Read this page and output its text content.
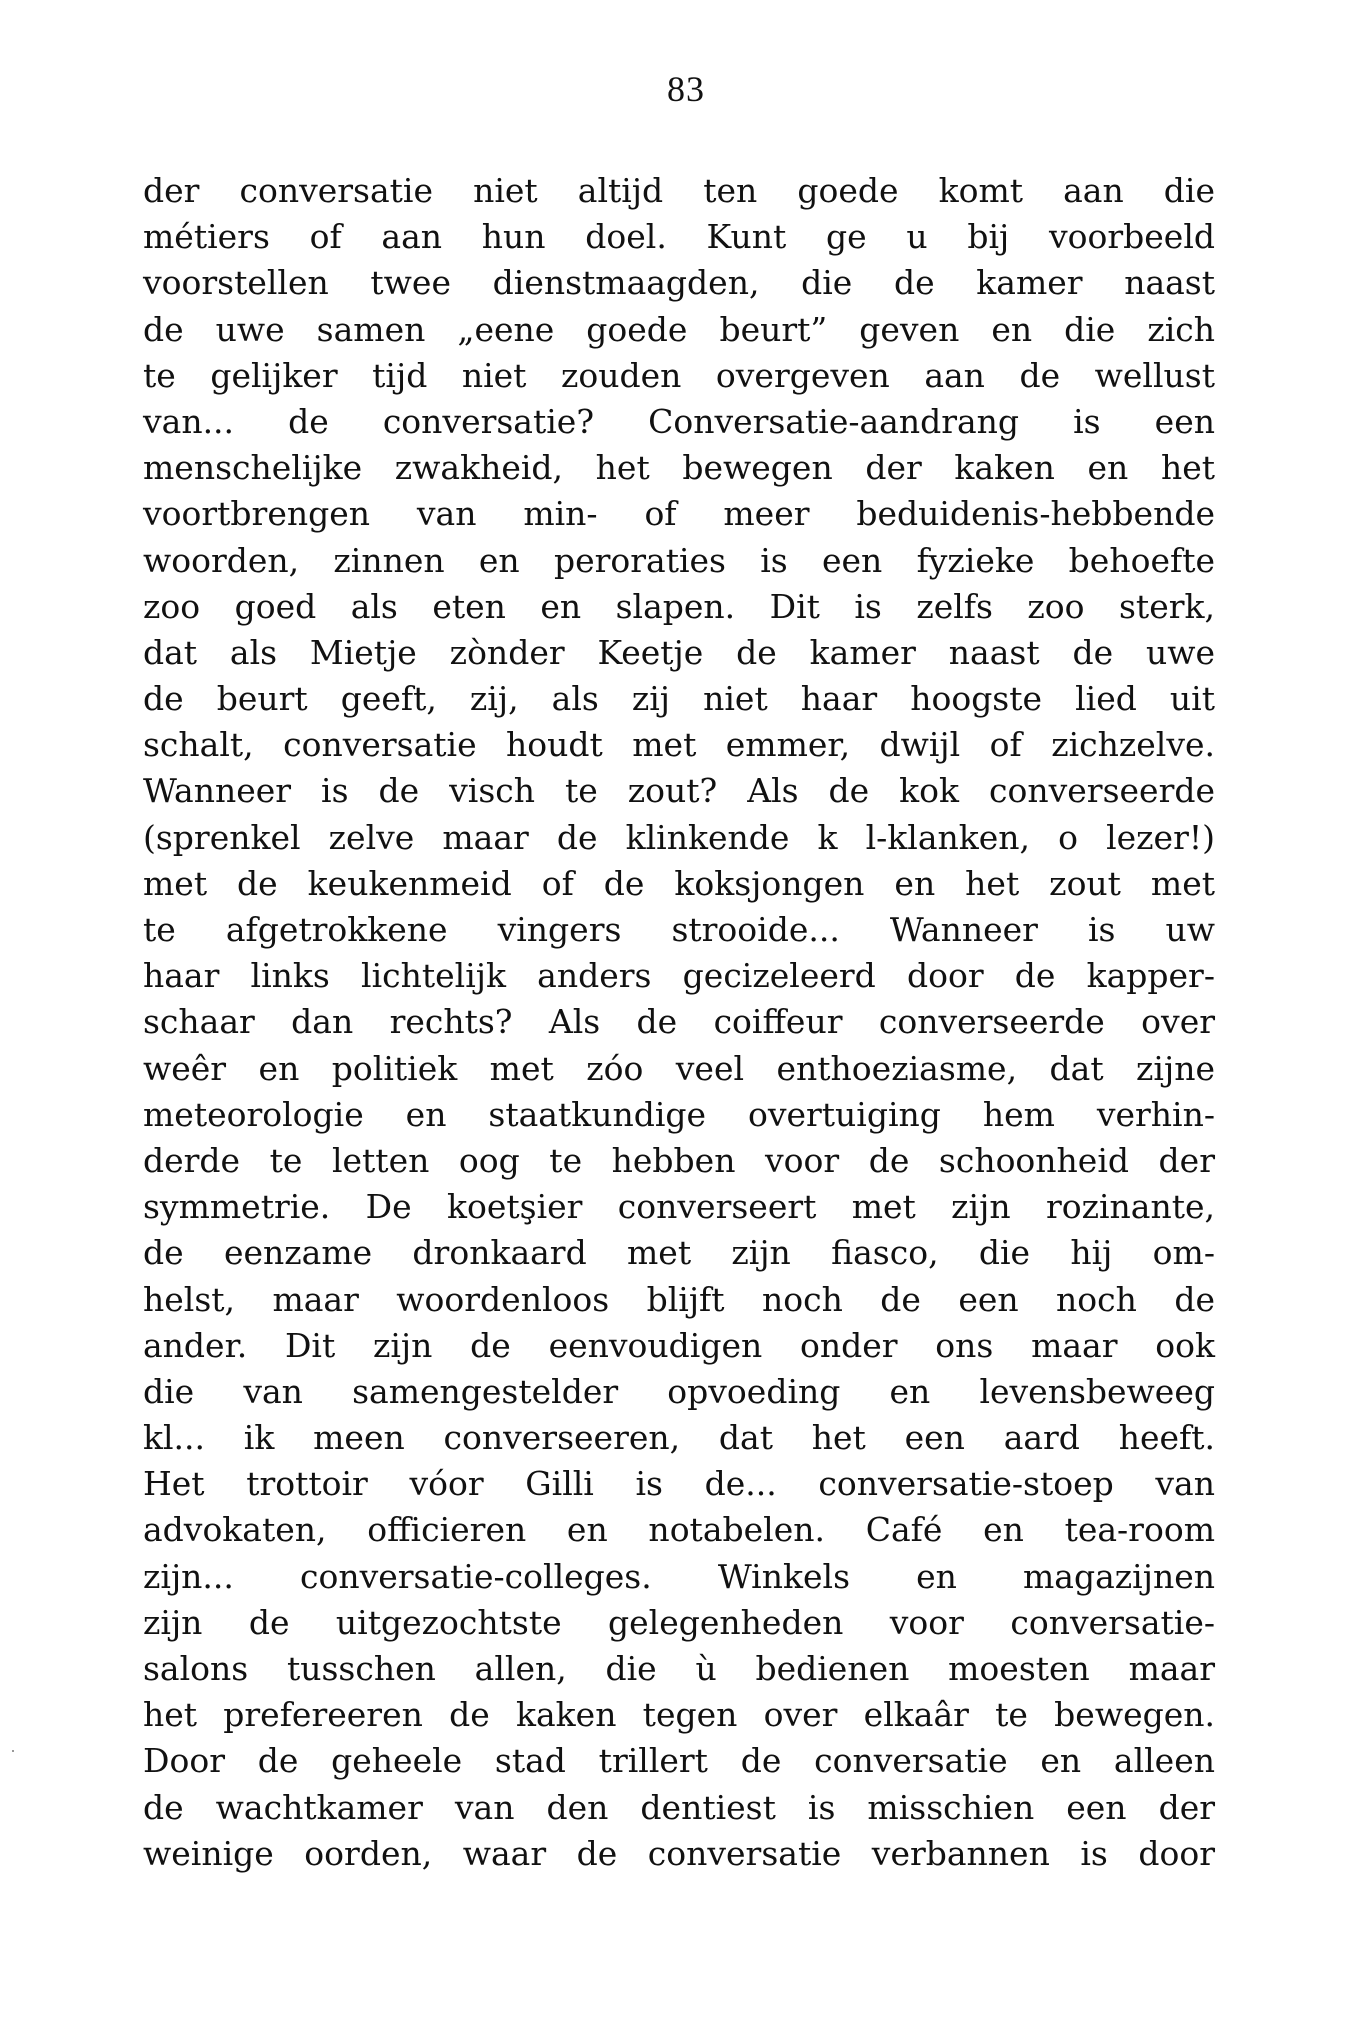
83
der conversatie niet altijd ten goede komt aan die
métiers of aan hun doel. Kunt ge u bij voorbeeld
voorstellen twee dienstmaagden, die de kamer naast
de uwe samen „eene goede beurt” geven en die zich
te gelijker tijd niet zouden overgeven aan de wellust
van... de conversatie? Conversatie-aandrang is een
menschelijke zwakheid, het bewegen der kaken en het
voortbrengen van min- of meer beduidenis-hebbende
woorden, zinnen en peroraties is een fyzieke behoefte
zoo goed als eten en slapen. Dit is zelfs zoo sterk,
dat als Mietje zònder Keetje de kamer naast de uwe
de beurt geeft, zij, als zij niet haar hoogste lied uit
schalt, conversatie houdt met emmer, dwijl of zichzelve.
Wanneer is de visch te zout? Als de kok converseerde
(sprenkel zelve maar de klinkende k l-klanken, o lezer!)
met de keukenmeid of de koksjongen en het zout met
te afgetrokkene vingers strooide... Wanneer is uw
haar links lichtelijk anders gecizeleerd door de kapper-
schaar dan rechts? Als de coiffeur converseerde over
weêr en politiek met zóo veel enthoeziasme, dat zijne
meteorologie en staatkundige overtuiging hem verhin-
derde te letten oog te hebben voor de schoonheid der
symmetrie. De koetşier converseert met zijn rozinante,
de eenzame dronkaard met zijn fiasco, die hij om-
helst, maar woordenloos blijft noch de een noch de
ander. Dit zijn de eenvoudigen onder ons maar ook
die van samengestelder opvoeding en levensbeweeg
kl... ik meen converseeren, dat het een aard heeft.
Het trottoir vóor Gilli is de... conversatie-stoep van
advokaten, officieren en notabelen. Café en tea-room
zijn... conversatie-colleges. Winkels en magazijnen
zijn de uitgezochtste gelegenheden voor conversatie-
salons tusschen allen, die ù bedienen moesten maar
het prefereeren de kaken tegen over elkaâr te bewegen.
Door de geheele stad trillert de conversatie en alleen
de wachtkamer van den dentiest is misschien een der
weinige oorden, waar de conversatie verbannen is door
